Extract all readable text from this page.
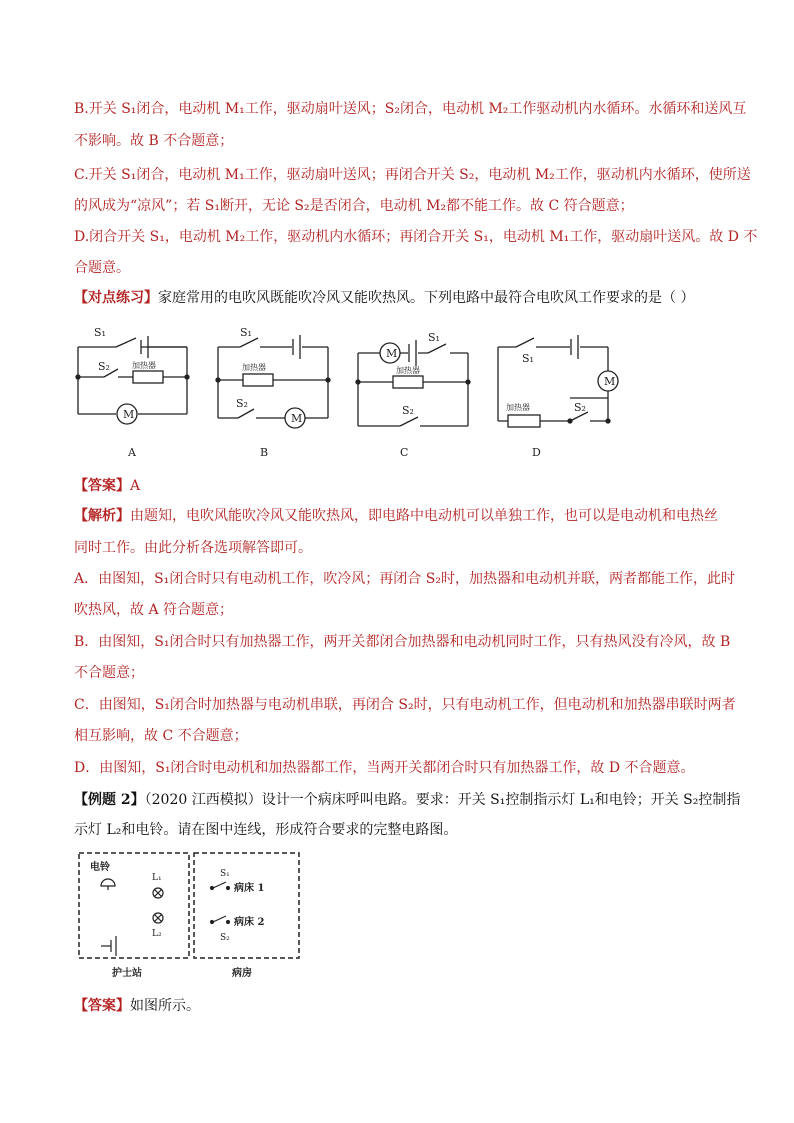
B.开关 S₁闭合，电动机 M₁工作，驱动扇叶送风；S₂闭合，电动机 M₂工作驱动机内水循环。水循环和送风互
不影响。故 B 不合题意；
C.开关 S₁闭合，电动机 M₁工作，驱动扇叶送风；再闭合开关 S₂，电动机 M₂工作，驱动机内水循环，使所送
的风成为“凉风”；若 S₁断开，无论 S₂是否闭合，电动机 M₂都不能工作。故 C 符合题意；
D.闭合开关 S₁，电动机 M₂工作，驱动机内水循环；再闭合开关 S₁，电动机 M₁工作，驱动扇叶送风。故 D 不
合题意。
【对点练习】家庭常用的电吹风既能吹冷风又能吹热风。下列电路中最符合电吹风工作要求的是（ ）
S₁
S₂	加热器
M
A
S₁
加热器
S₂
M
B
M
S₁
加热器
S₂
C
S₁
M
加热器	S₂
D
【答案】A
【解析】由题知，电吹风能吹冷风又能吹热风，即电路中电动机可以单独工作，也可以是电动机和电热丝
同时工作。由此分析各选项解答即可。
A．由图知，S₁闭合时只有电动机工作，吹冷风；再闭合 S₂时，加热器和电动机并联，两者都能工作，此时
吹热风，故 A 符合题意；
B．由图知，S₁闭合时只有加热器工作，两开关都闭合加热器和电动机同时工作，只有热风没有冷风，故 B
不合题意；
C．由图知，S₁闭合时加热器与电动机串联，再闭合 S₂时，只有电动机工作，但电动机和加热器串联时两者
相互影响，故 C 不合题意；
D．由图知，S₁闭合时电动机和加热器都工作，当两开关都闭合时只有加热器工作，故 D 不合题意。
【例题 2】（2020 江西模拟）设计一个病床呼叫电路。要求：开关 S₁控制指示灯 L₁和电铃；开关 S₂控制指
示灯 L₂和电铃。请在图中连线，形成符合要求的完整电路图。
电铃
L₁
L₂
S₁
S₂
病床 1
病床 2
护士站	病房
【答案】如图所示。
